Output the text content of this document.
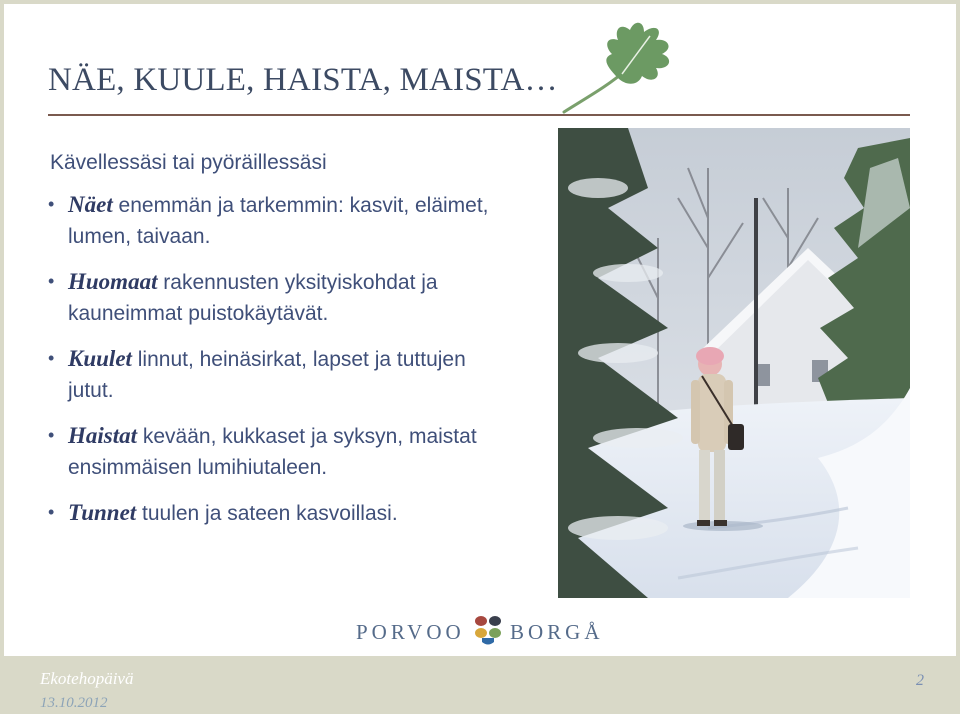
NÄE, KUULE, HAISTA, MAISTA…
Kävellessäsi tai pyöräillessäsi
• Näet enemmän ja tarkemmin: kasvit, eläimet, lumen, taivaan.
• Huomaat rakennusten yksityiskohdat ja kauneimmat puistokäytävät.
• Kuulet linnut, heinäsirkat, lapset ja tuttujen jutut.
• Haistat kevään, kukkaset ja syksyn, maistat ensimmäisen lumihiutaleen.
• Tunnet tuulen ja sateen kasvoillasi.
PORVOO BORGÅ
Ekotehopäivä
13.10.2012
2
